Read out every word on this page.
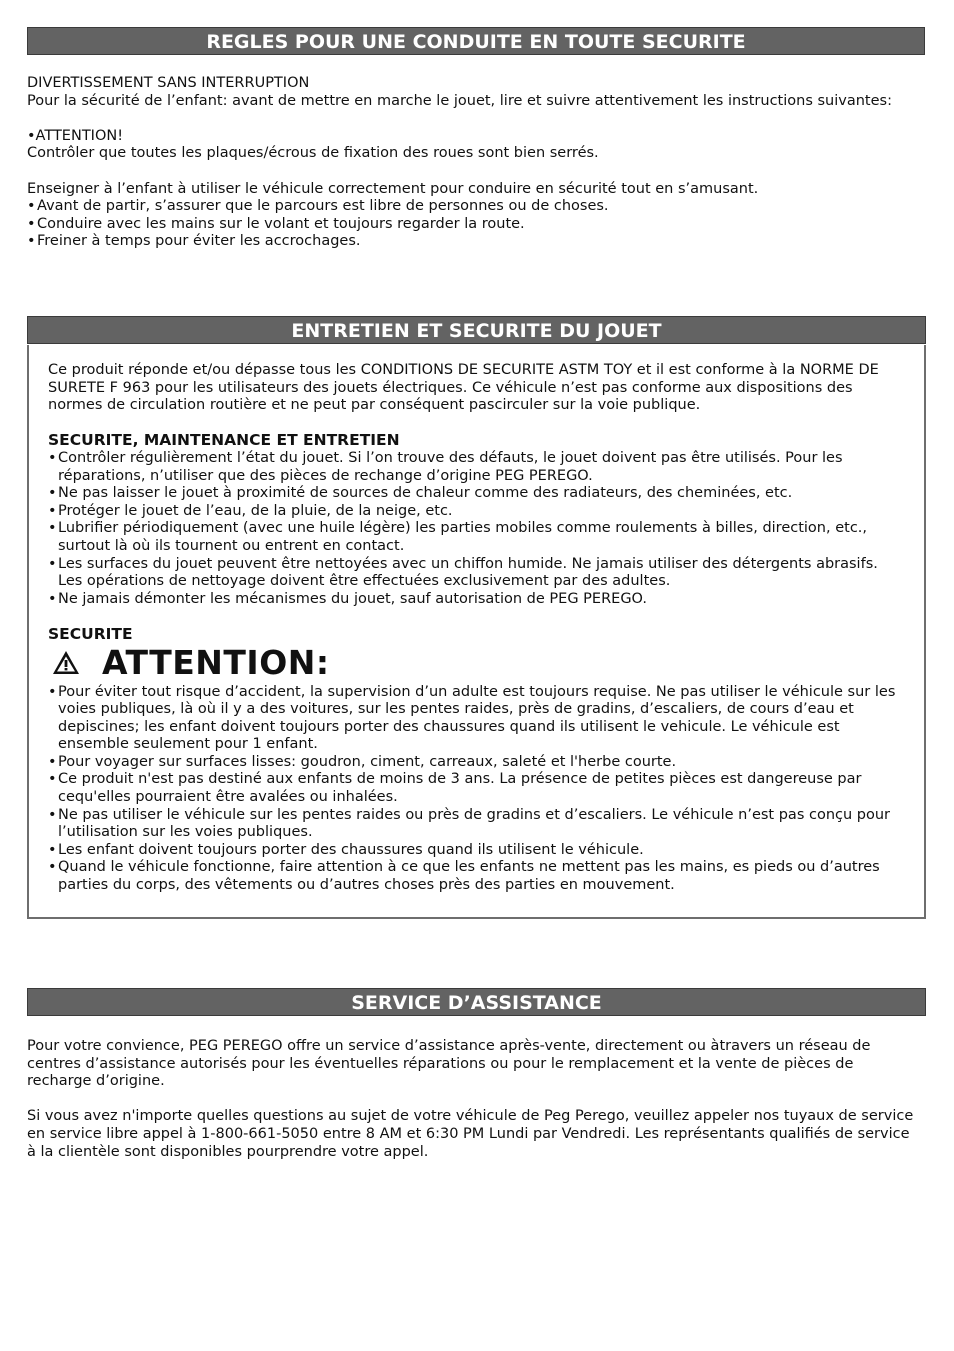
REGLES POUR UNE CONDUITE EN TOUTE SECURITE

DIVERTISSEMENT SANS INTERRUPTION

Pour la sécurité de l’enfant: avant de mettre en marche le jouet, lire et suivre attentivement les instructions suivantes:

•ATTENTION!

Contrôler que toutes les plaques/écrous de fixation des roues sont bien serrés.

Enseigner à l’enfant à utiliser le véhicule correctement pour conduire en sécurité tout en s’amusant.

• Avant de partir, s’assurer que le parcours est libre de personnes ou de choses.
• Conduire avec les mains sur le volant et toujours regarder la route.
• Freiner à temps pour éviter les accrochages.
ENTRETIEN ET SECURITE DU JOUET

Ce produit réponde et/ou dépasse tous les CONDITIONS DE SECURITE ASTM TOY et il est conforme à la NORME DE SURETE F 963 pour les utilisateurs des jouets électriques. Ce véhicule n’est pas conforme aux dispositions des normes de circulation routière et ne peut par conséquent pascirculer sur la voie publique.

SECURITE, MAINTENANCE ET ENTRETIEN

• Contrôler régulièrement l’état du jouet. Si l’on trouve des défauts, le jouet doivent pas être utilisés. Pour les réparations, n’utiliser que des pièces de rechange d’origine PEG PEREGO.
• Ne pas laisser le jouet à proximité de sources de chaleur comme des radiateurs, des cheminées, etc.
• Protéger le jouet de l’eau, de la pluie, de la neige, etc.
• Lubrifier périodiquement (avec une huile légère) les parties mobiles comme roulements à billes, direction, etc., surtout là où ils tournent ou entrent en contact.
• Les surfaces du jouet peuvent être nettoyées avec un chiffon humide. Ne jamais utiliser des détergents abrasifs. Les opérations de nettoyage doivent être effectuées exclusivement par des adultes.
• Ne jamais démonter les mécanismes du jouet, sauf autorisation de PEG PEREGO.

SECURITE

ATTENTION:
• Pour éviter tout risque d’accident, la supervision d’un adulte est toujours requise. Ne pas utiliser le véhicule sur les voies publiques, là où il y a des voitures, sur les pentes raides, près de gradins, d’escaliers, de cours d’eau et depiscines; les enfant doivent toujours porter des chaussures quand ils utilisent le vehicule. Le véhicule est ensemble seulement pour 1 enfant.
• Pour voyager sur surfaces lisses: goudron, ciment, carreaux, saleté et l'herbe courte.
• Ce produit n'est pas destiné aux enfants de moins de 3 ans. La présence de petites pièces est dangereuse par cequ'elles pourraient être avalées ou inhalées.
• Ne pas utiliser le véhicule sur les pentes raides ou près de gradins et d’escaliers. Le véhicule n’est pas conçu pour l’utilisation sur les voies publiques.
• Les enfant doivent toujours porter des chaussures quand ils utilisent le véhicule.
• Quand le véhicule fonctionne, faire attention à ce que les enfants ne mettent pas les mains, es pieds ou d’autres parties du corps, des vêtements ou d’autres choses près des parties en mouvement.
SERVICE D’ASSISTANCE

Pour votre convience, PEG PEREGO offre un service d’assistance après-vente, directement ou àtravers un réseau de centres d’assistance autorisés pour les éventuelles réparations ou pour le remplacement et la vente de pièces de recharge d’origine.

Si vous avez n'importe quelles questions au sujet de votre véhicule de Peg Perego, veuillez appeler nos tuyaux de service en service libre appel à 1-800-661-5050 entre 8 AM et 6:30 PM Lundi par Vendredi. Les représentants qualifiés de service à la clientèle sont disponibles pourprendre votre appel.
